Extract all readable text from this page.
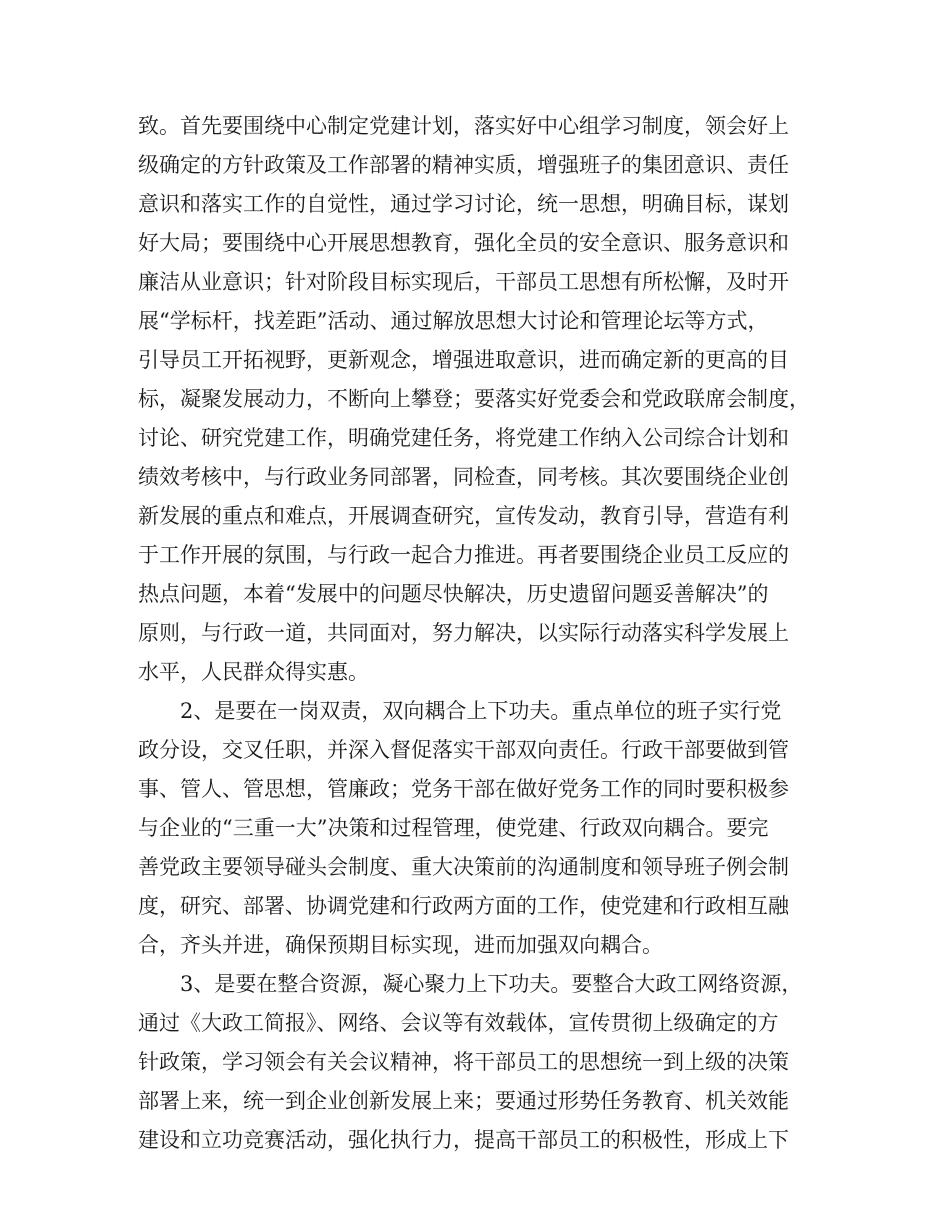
致。首先要围绕中心制定党建计划，落实好中心组学习制度，领会好上
级确定的方针政策及工作部署的精神实质，增强班子的集团意识、责任
意识和落实工作的自觉性，通过学习讨论，统一思想，明确目标，谋划
好大局；要围绕中心开展思想教育，强化全员的安全意识、服务意识和
廉洁从业意识；针对阶段目标实现后，干部员工思想有所松懈，及时开
展“学标杆，找差距”活动、通过解放思想大讨论和管理论坛等方式，
引导员工开拓视野，更新观念，增强进取意识，进而确定新的更高的目
标，凝聚发展动力，不断向上攀登；要落实好党委会和党政联席会制度，
讨论、研究党建工作，明确党建任务，将党建工作纳入公司综合计划和
绩效考核中，与行政业务同部署，同检查，同考核。其次要围绕企业创
新发展的重点和难点，开展调查研究，宣传发动，教育引导，营造有利
于工作开展的氛围，与行政一起合力推进。再者要围绕企业员工反应的
热点问题，本着“发展中的问题尽快解决，历史遗留问题妥善解决”的
原则，与行政一道，共同面对，努力解决，以实际行动落实科学发展上
水平，人民群众得实惠。
2、是要在一岗双责，双向耦合上下功夫。重点单位的班子实行党
政分设，交叉任职，并深入督促落实干部双向责任。行政干部要做到管
事、管人、管思想，管廉政；党务干部在做好党务工作的同时要积极参
与企业的“三重一大”决策和过程管理，使党建、行政双向耦合。要完
善党政主要领导碰头会制度、重大决策前的沟通制度和领导班子例会制
度，研究、部署、协调党建和行政两方面的工作，使党建和行政相互融
合，齐头并进，确保预期目标实现，进而加强双向耦合。
3、是要在整合资源，凝心聚力上下功夫。要整合大政工网络资源，
通过《大政工简报》、网络、会议等有效载体，宣传贯彻上级确定的方
针政策，学习领会有关会议精神，将干部员工的思想统一到上级的决策
部署上来，统一到企业创新发展上来；要通过形势任务教育、机关效能
建设和立功竞赛活动，强化执行力，提高干部员工的积极性，形成上下
